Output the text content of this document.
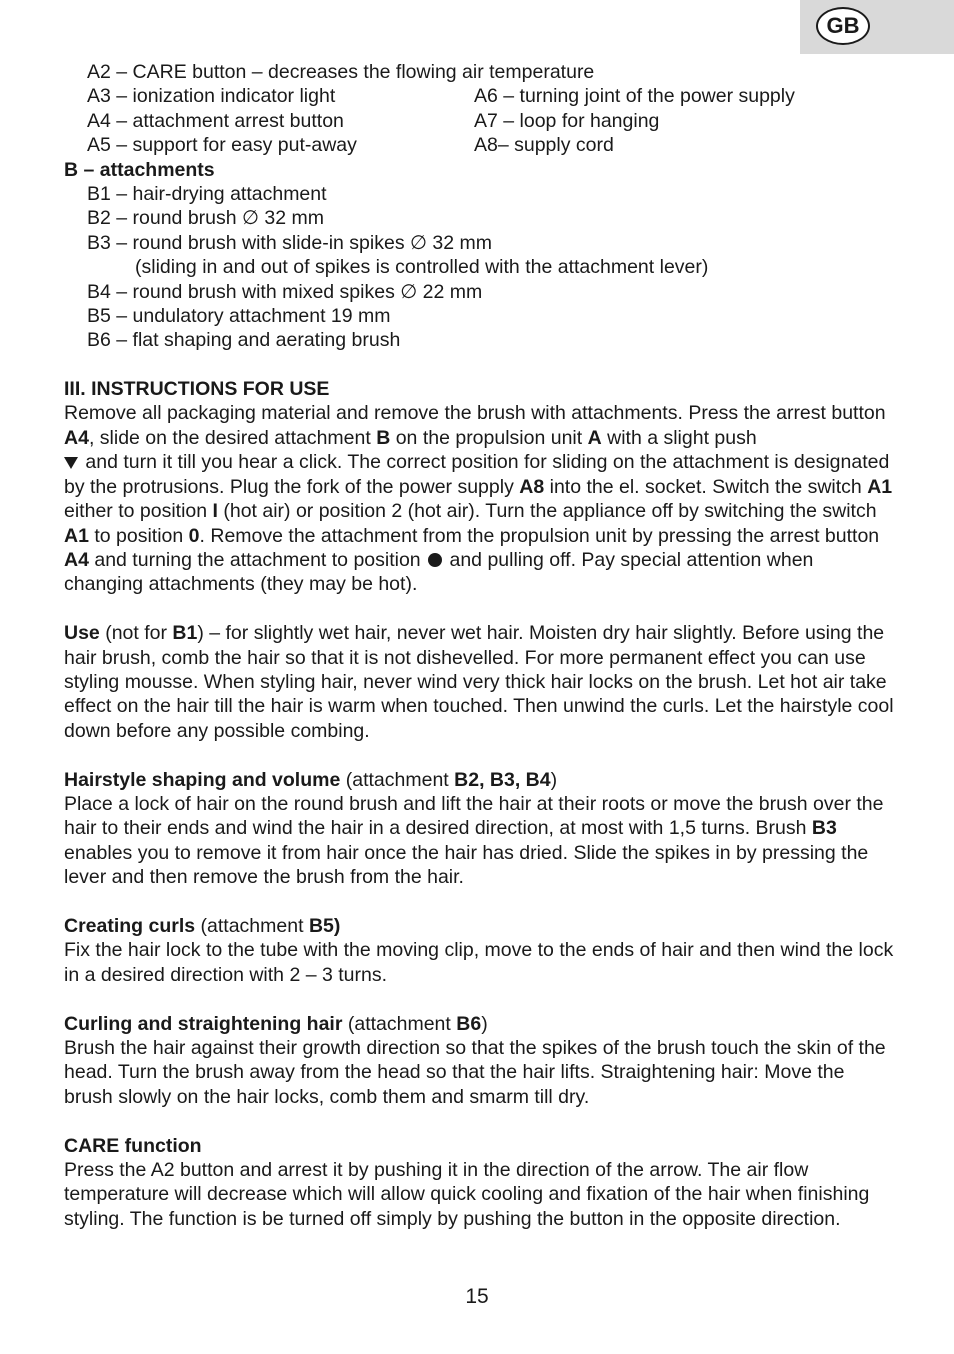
GB
A2 – CARE button – decreases the flowing air temperature
A3 – ionization indicator light	A6 – turning joint of the power supply
A4 – attachment arrest button	A7 – loop for hanging
A5 – support for easy put-away	A8– supply cord
B – attachments
B1 – hair-drying attachment
B2 – round brush ∅ 32 mm
B3 – round brush with slide-in spikes ∅ 32 mm
(sliding in and out of spikes is controlled with the attachment lever)
B4 – round brush with mixed spikes ∅ 22 mm
B5 – undulatory attachment 19 mm
B6 – flat shaping and aerating brush
III. INSTRUCTIONS FOR USE

Remove all packaging material and remove the brush with attachments. Press the arrest button A4, slide on the desired attachment B on the propulsion unit A with a slight push
and turn it till you hear a click. The correct position for sliding on the attachment is designated by the protrusions. Plug the fork of the power supply A8 into the el. socket. Switch the switch A1 either to position I (hot air) or position 2 (hot air). Turn the appliance off by switching the switch A1 to position 0. Remove the attachment from the propulsion unit by pressing the arrest button A4 and turning the attachment to position  and pulling off. Pay special attention when changing attachments (they may be hot).

Use (not for B1) – for slightly wet hair, never wet hair. Moisten dry hair slightly. Before using the hair brush, comb the hair so that it is not dishevelled. For more permanent effect you can use styling mousse. When styling hair, never wind very thick hair locks on the brush. Let hot air take effect on the hair till the hair is warm when touched. Then unwind the curls. Let the hairstyle cool down before any possible combing.

Hairstyle shaping and volume (attachment B2, B3, B4 )

Place a lock of hair on the round brush and lift the hair at their roots or move the brush over the hair to their ends and wind the hair in a desired direction, at most with 1,5 turns. Brush B3 enables you to remove it from hair once the hair has dried. Slide the spikes in by pressing the lever and then remove the brush from the hair.

Creating curls (attachment B5)

Fix the hair lock to the tube with the moving clip, move to the ends of hair and then wind the lock in a desired direction with 2 – 3 turns.

Curling and straightening hair (attachment B6 )

Brush the hair against their growth direction so that the spikes of the brush touch the skin of the head. Turn the brush away from the head so that the hair lifts. Straightening hair: Move the brush slowly on the hair locks, comb them and smarm till dry.

CARE function

Press the A2 button and arrest it by pushing it in the direction of the arrow. The air flow temperature will decrease which will allow quick cooling and fixation of the hair when finishing styling. The function is be turned off simply by pushing the button in the opposite direction.

15
